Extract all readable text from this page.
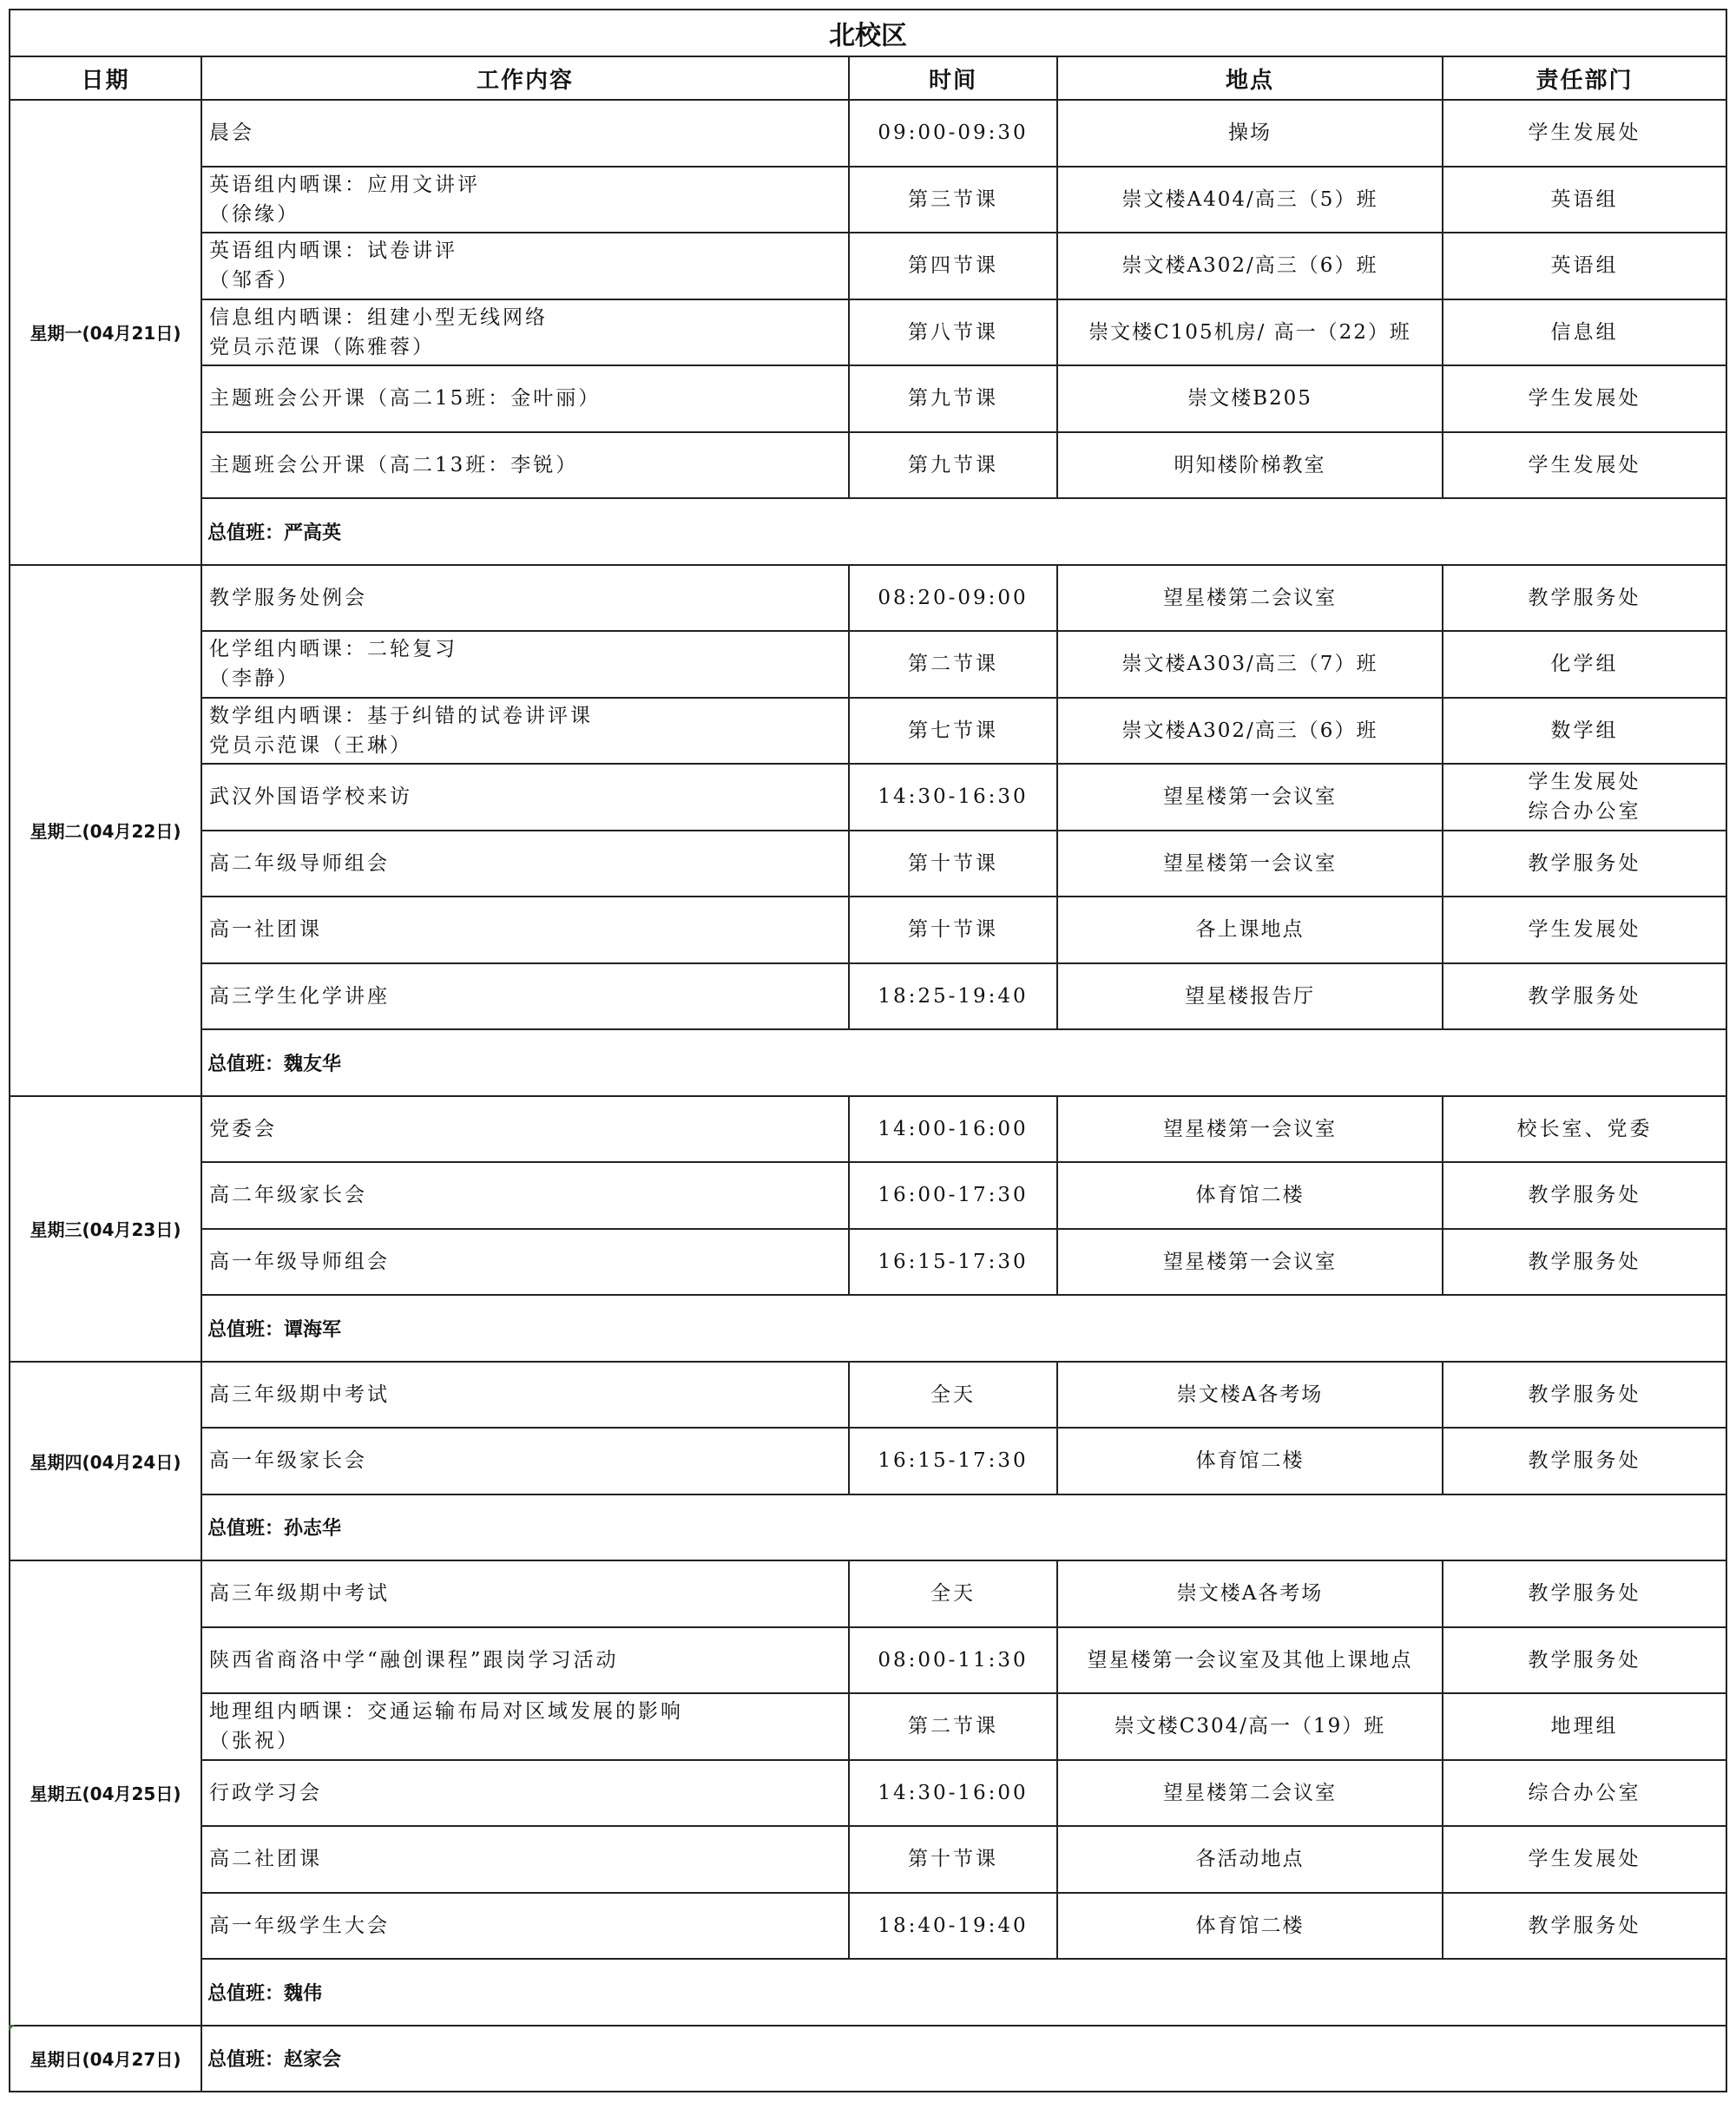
北校区				
日期	工作内容	时间	地点	责任部门
星期一(04月21日)	晨会	09:00-09:30	操场	学生发展处

	英语组内晒课：应用文讲评
（徐缘）	第三节课	崇文楼A404/高三（5）班	英语组

	英语组内晒课：试卷讲评
（邹香）	第四节课	崇文楼A302/高三（6）班	英语组

	信息组内晒课：组建小型无线网络
党员示范课（陈雅蓉）	第八节课	崇文楼C105机房/ 高一（22）班	信息组

	主题班会公开课（高二15班：金叶丽）	第九节课	崇文楼B205	学生发展处

	主题班会公开课（高二13班：李锐）	第九节课	明知楼阶梯教室	学生发展处

	总值班：严高英			
星期二(04月22日)	教学服务处例会	08:20-09:00	望星楼第二会议室	教学服务处

	化学组内晒课：二轮复习
（李静）	第二节课	崇文楼A303/高三（7）班	化学组

	数学组内晒课：基于纠错的试卷讲评课
党员示范课（王琳）	第七节课	崇文楼A302/高三（6）班	数学组

	武汉外国语学校来访	14:30-16:30	望星楼第一会议室	学生发展处
综合办公室

	高二年级导师组会	第十节课	望星楼第一会议室	教学服务处

	高一社团课	第十节课	各上课地点	学生发展处

	高三学生化学讲座	18:25-19:40	望星楼报告厅	教学服务处

	总值班：魏友华			
星期三(04月23日)	党委会	14:00-16:00	望星楼第一会议室	校长室、党委

	高二年级家长会	16:00-17:30	体育馆二楼	教学服务处

	高一年级导师组会	16:15-17:30	望星楼第一会议室	教学服务处

	总值班：谭海军			
星期四(04月24日)	高三年级期中考试	全天	崇文楼A各考场	教学服务处

	高一年级家长会	16:15-17:30	体育馆二楼	教学服务处

	总值班：孙志华			
星期五(04月25日)	高三年级期中考试	全天	崇文楼A各考场	教学服务处

	陕西省商洛中学“融创课程”跟岗学习活动	08:00-11:30	望星楼第一会议室及其他上课地点	教学服务处

	地理组内晒课：交通运输布局对区域发展的影响
（张祝）	第二节课	崇文楼C304/高一（19）班	地理组

	行政学习会	14:30-16:00	望星楼第二会议室	综合办公室

	高二社团课	第十节课	各活动地点	学生发展处

	高一年级学生大会	18:40-19:40	体育馆二楼	教学服务处

	总值班：魏伟			
星期日(04月27日)	总值班：赵家会			
